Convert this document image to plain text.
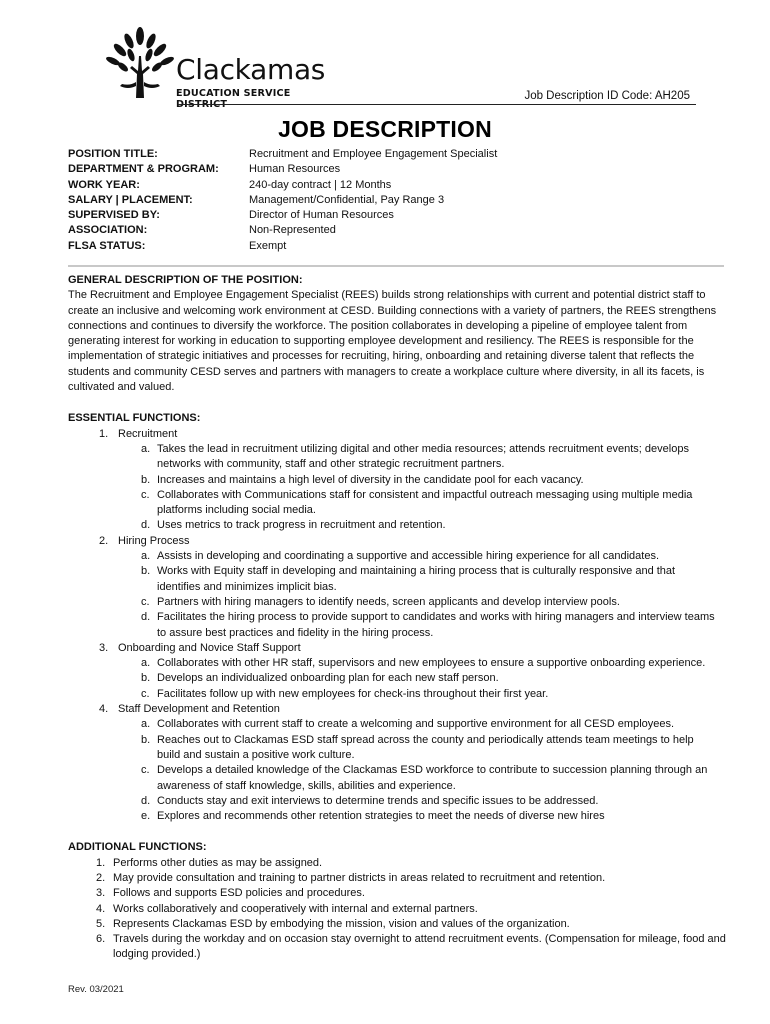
Clackamas
EDUCATION SERVICE DISTRICT
Job Description ID Code: AH205
JOB DESCRIPTION
POSITION TITLE:	Recruitment and Employee Engagement Specialist
DEPARTMENT & PROGRAM:	Human Resources
WORK YEAR:	240-day contract | 12 Months
SALARY | PLACEMENT:	Management/Confidential, Pay Range 3
SUPERVISED BY:	Director of Human Resources
ASSOCIATION:	Non-Represented
FLSA STATUS:	Exempt
GENERAL DESCRIPTION OF THE POSITION:

The Recruitment and Employee Engagement Specialist (REES) builds strong relationships with current and potential district staff to create an inclusive and welcoming work environment at CESD. Building connections with a variety of partners, the REES strengthens connections and continues to diversify the workforce. The position collaborates in developing a pipeline of employee talent from generating interest for working in education to supporting employee development and resiliency. The REES is responsible for the implementation of strategic initiatives and processes for recruiting, hiring, onboarding and retaining diverse talent that reflects the students and community CESD serves and partners with managers to create a workplace culture where diversity, in all its facets, is cultivated and valued.

ESSENTIAL FUNCTIONS:
1. Recruitment
a. Takes the lead in recruitment utilizing digital and other media resources; attends recruitment events; develops networks with community, staff and other strategic recruitment partners.
b. Increases and maintains a high level of diversity in the candidate pool for each vacancy.
c. Collaborates with Communications staff for consistent and impactful outreach messaging using multiple media platforms including social media.
d. Uses metrics to track progress in recruitment and retention.
2. Hiring Process
a. Assists in developing and coordinating a supportive and accessible hiring experience for all candidates.
b. Works with Equity staff in developing and maintaining a hiring process that is culturally responsive and that identifies and minimizes implicit bias.
c. Partners with hiring managers to identify needs, screen applicants and develop interview pools.
d. Facilitates the hiring process to provide support to candidates and works with hiring managers and interview teams to assure best practices and fidelity in the hiring process.
3. Onboarding and Novice Staff Support
a. Collaborates with other HR staff, supervisors and new employees to ensure a supportive onboarding experience.
b. Develops an individualized onboarding plan for each new staff person.
c. Facilitates follow up with new employees for check-ins throughout their first year.
4. Staff Development and Retention
a. Collaborates with current staff to create a welcoming and supportive environment for all CESD employees.
b. Reaches out to Clackamas ESD staff spread across the county and periodically attends team meetings to help build and sustain a positive work culture.
c. Develops a detailed knowledge of the Clackamas ESD workforce to contribute to succession planning through an awareness of staff knowledge, skills, abilities and experience.
d. Conducts stay and exit interviews to determine trends and specific issues to be addressed.
e. Explores and recommends other retention strategies to meet the needs of diverse new hires
ADDITIONAL FUNCTIONS:
1. Performs other duties as may be assigned.
2. May provide consultation and training to partner districts in areas related to recruitment and retention.
3. Follows and supports ESD policies and procedures.
4. Works collaboratively and cooperatively with internal and external partners.
5. Represents Clackamas ESD by embodying the mission, vision and values of the organization.
6. Travels during the workday and on occasion stay overnight to attend recruitment events. (Compensation for mileage, food and lodging provided.)
Rev. 03/2021
